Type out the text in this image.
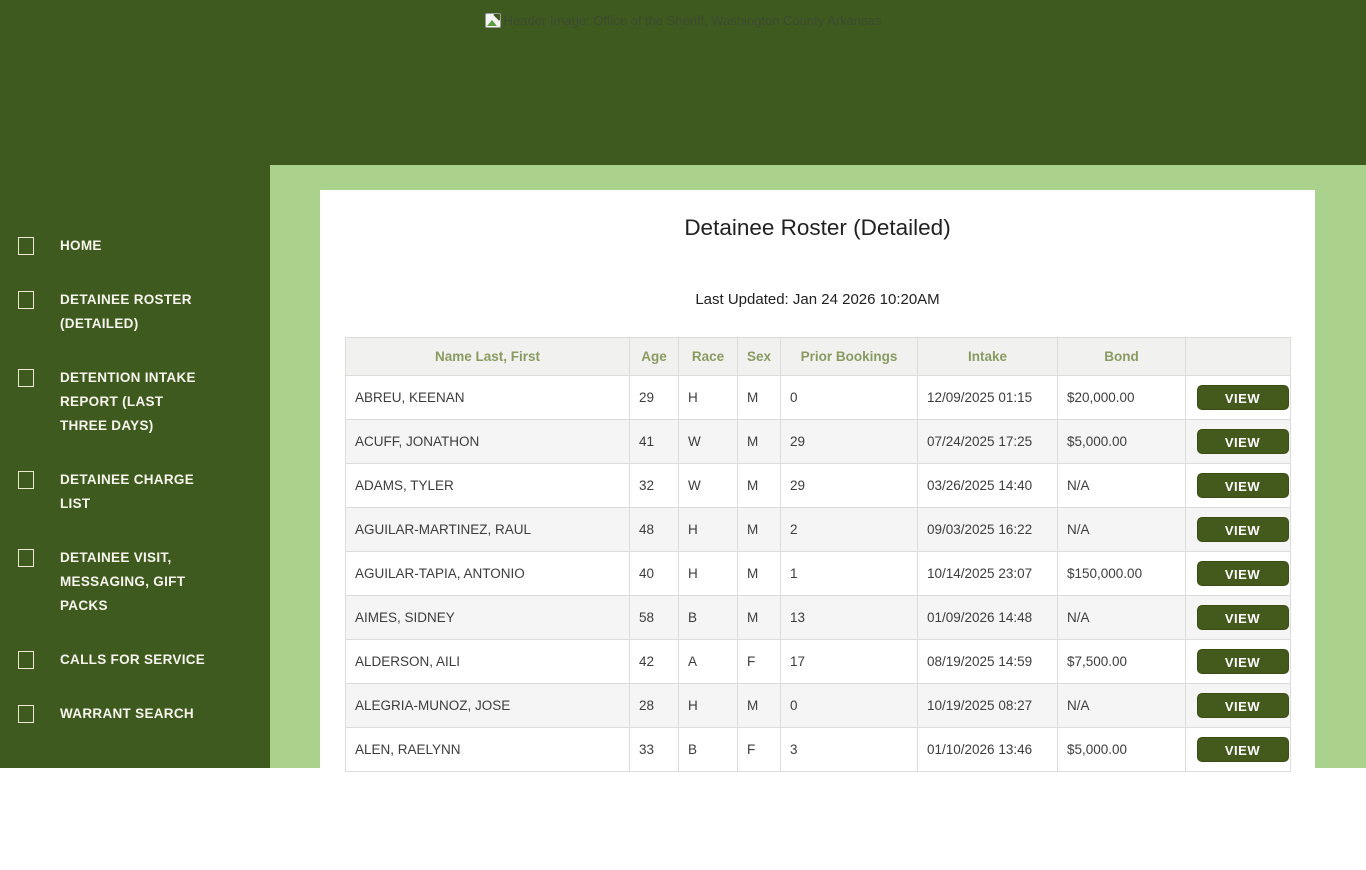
Header Image: Office of the Sheriff, Washington County Arkansas
HOME
DETAINEE ROSTER (DETAILED)
DETENTION INTAKE REPORT (LAST THREE DAYS)
DETAINEE CHARGE LIST
DETAINEE VISIT, MESSAGING, GIFT PACKS
CALLS FOR SERVICE
WARRANT SEARCH
Detainee Roster (Detailed)
Last Updated: Jan 24 2026 10:20AM
Name Last, First	Age	Race	Sex	Prior Bookings	Intake	Bond	
ABREU, KEENAN	29	H	M	0	12/09/2025 01:15	$20,000.00	VIEW
ACUFF, JONATHON	41	W	M	29	07/24/2025 17:25	$5,000.00	VIEW
ADAMS, TYLER	32	W	M	29	03/26/2025 14:40	N/A	VIEW
AGUILAR-MARTINEZ, RAUL	48	H	M	2	09/03/2025 16:22	N/A	VIEW
AGUILAR-TAPIA, ANTONIO	40	H	M	1	10/14/2025 23:07	$150,000.00	VIEW
AIMES, SIDNEY	58	B	M	13	01/09/2026 14:48	N/A	VIEW
ALDERSON, AILI	42	A	F	17	08/19/2025 14:59	$7,500.00	VIEW
ALEGRIA-MUNOZ, JOSE	28	H	M	0	10/19/2025 08:27	N/A	VIEW
ALEN, RAELYNN	33	B	F	3	01/10/2026 13:46	$5,000.00	VIEW
